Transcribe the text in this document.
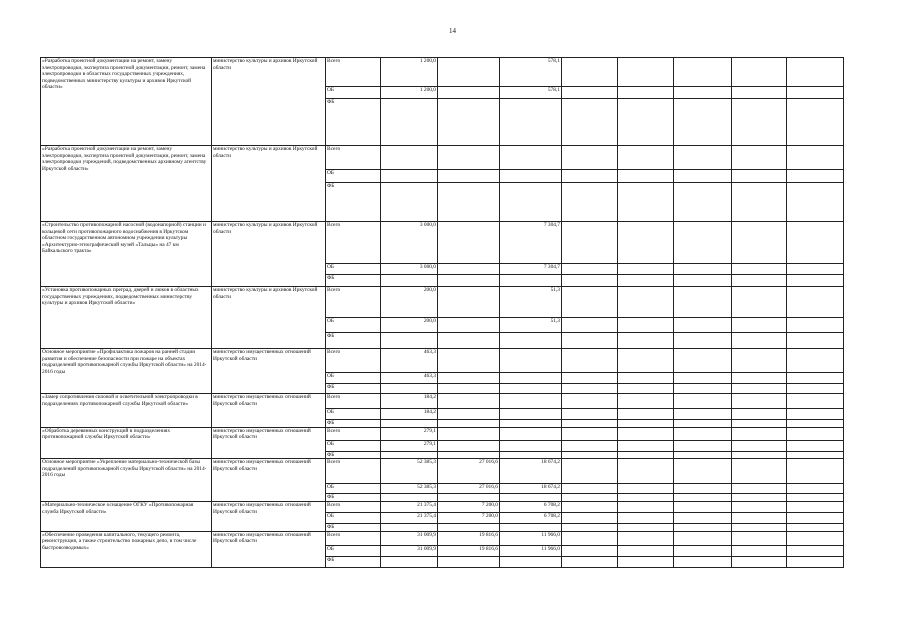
14
«Разработка проектной документации на ремонт, замену электропроводки, экспертиза проектной документации, ремонт, замена электропроводки в областных государственных учреждениях, подведомственных министерству культуры и архивов Иркутской области»	министерство культуры и архивов Иркутской области	Всего	1 200,0		578,1					
		ОБ	1 200,0		578,1					
		ФБ								
«Разработка проектной документации на ремонт, замену электропроводки, экспертиза проектной документации, ремонт, замена электропроводки учреждений, подведомственных архивному агентству Иркутской области»	министерство культуры и архивов Иркутской области	Всего								
		ОБ								
		ФБ								
«Строительство противопожарной насосной (водонапорной) станции и кольцевой сети противопожарного водоснабжения в Иркутском областном государственном автономном учреждении культуры «Архитектурно-этнографический музей «Тальцы» на 47 км Байкальского тракта»	министерство культуры и архивов Иркутской области	Всего	3 000,0		7 304,7					
		ОБ	3 000,0		7 304,7					
		ФБ								
«Установка противопожарных преград, дверей и люков в областных государственных учреждениях, подведомственных министерству культуры и архивов Иркутской области»	министерство культуры и архивов Иркутской области	Всего	200,0		51,3					
		ОБ	200,0		51,3					
		ФБ								
Основное мероприятие «Профилактика пожаров на ранней стадии развития и обеспечение безопасности при пожаре на объектах подразделений противопожарной службы Иркутской области» на 2014-2016 годы	министерство имущественных отношений Иркутской области	Всего	463,3							
		ОБ	463,3							
		ФБ								
«Замер сопротивления силовой и осветительной электропроводки в подразделениях противопожарной службы Иркутской области»	министерство имущественных отношений Иркутской области	Всего	184,2							
		ОБ	184,2							
		ФБ								
«Обработка деревянных конструкций в подразделениях противопожарной службы Иркутской области»	министерство имущественных отношений Иркутской области	Всего	279,1							
		ОБ	279,1							
		ФБ								
Основное мероприятие «Укрепление материально-технической базы подразделений противопожарной службы Иркутской области» на 2014-2016 годы	министерство имущественных отношений Иркутской области	Всего	52 385,3	27 016,6	18 674,2					
		ОБ	52 385,3	27 016,6	18 674,2					
		ФБ								
«Материально-техническое оснащение ОГКУ «Противопожарная служба Иркутской области»	министерство имущественных отношений Иркутской области	Всего	21 375,4	7 200,0	6 708,2					
		ОБ	21 375,4	7 200,0	6 708,2					
		ФБ								
«Обеспечение проведения капитального, текущего ремонта, реконструкция, а также строительство пожарных депо, в том числе быстровозводимых»	министерство имущественных отношений Иркутской области	Всего	31 009,9	19 816,6	11 966,0					
		ОБ	31 009,9	19 816,6	11 966,0					
		ФБ								
